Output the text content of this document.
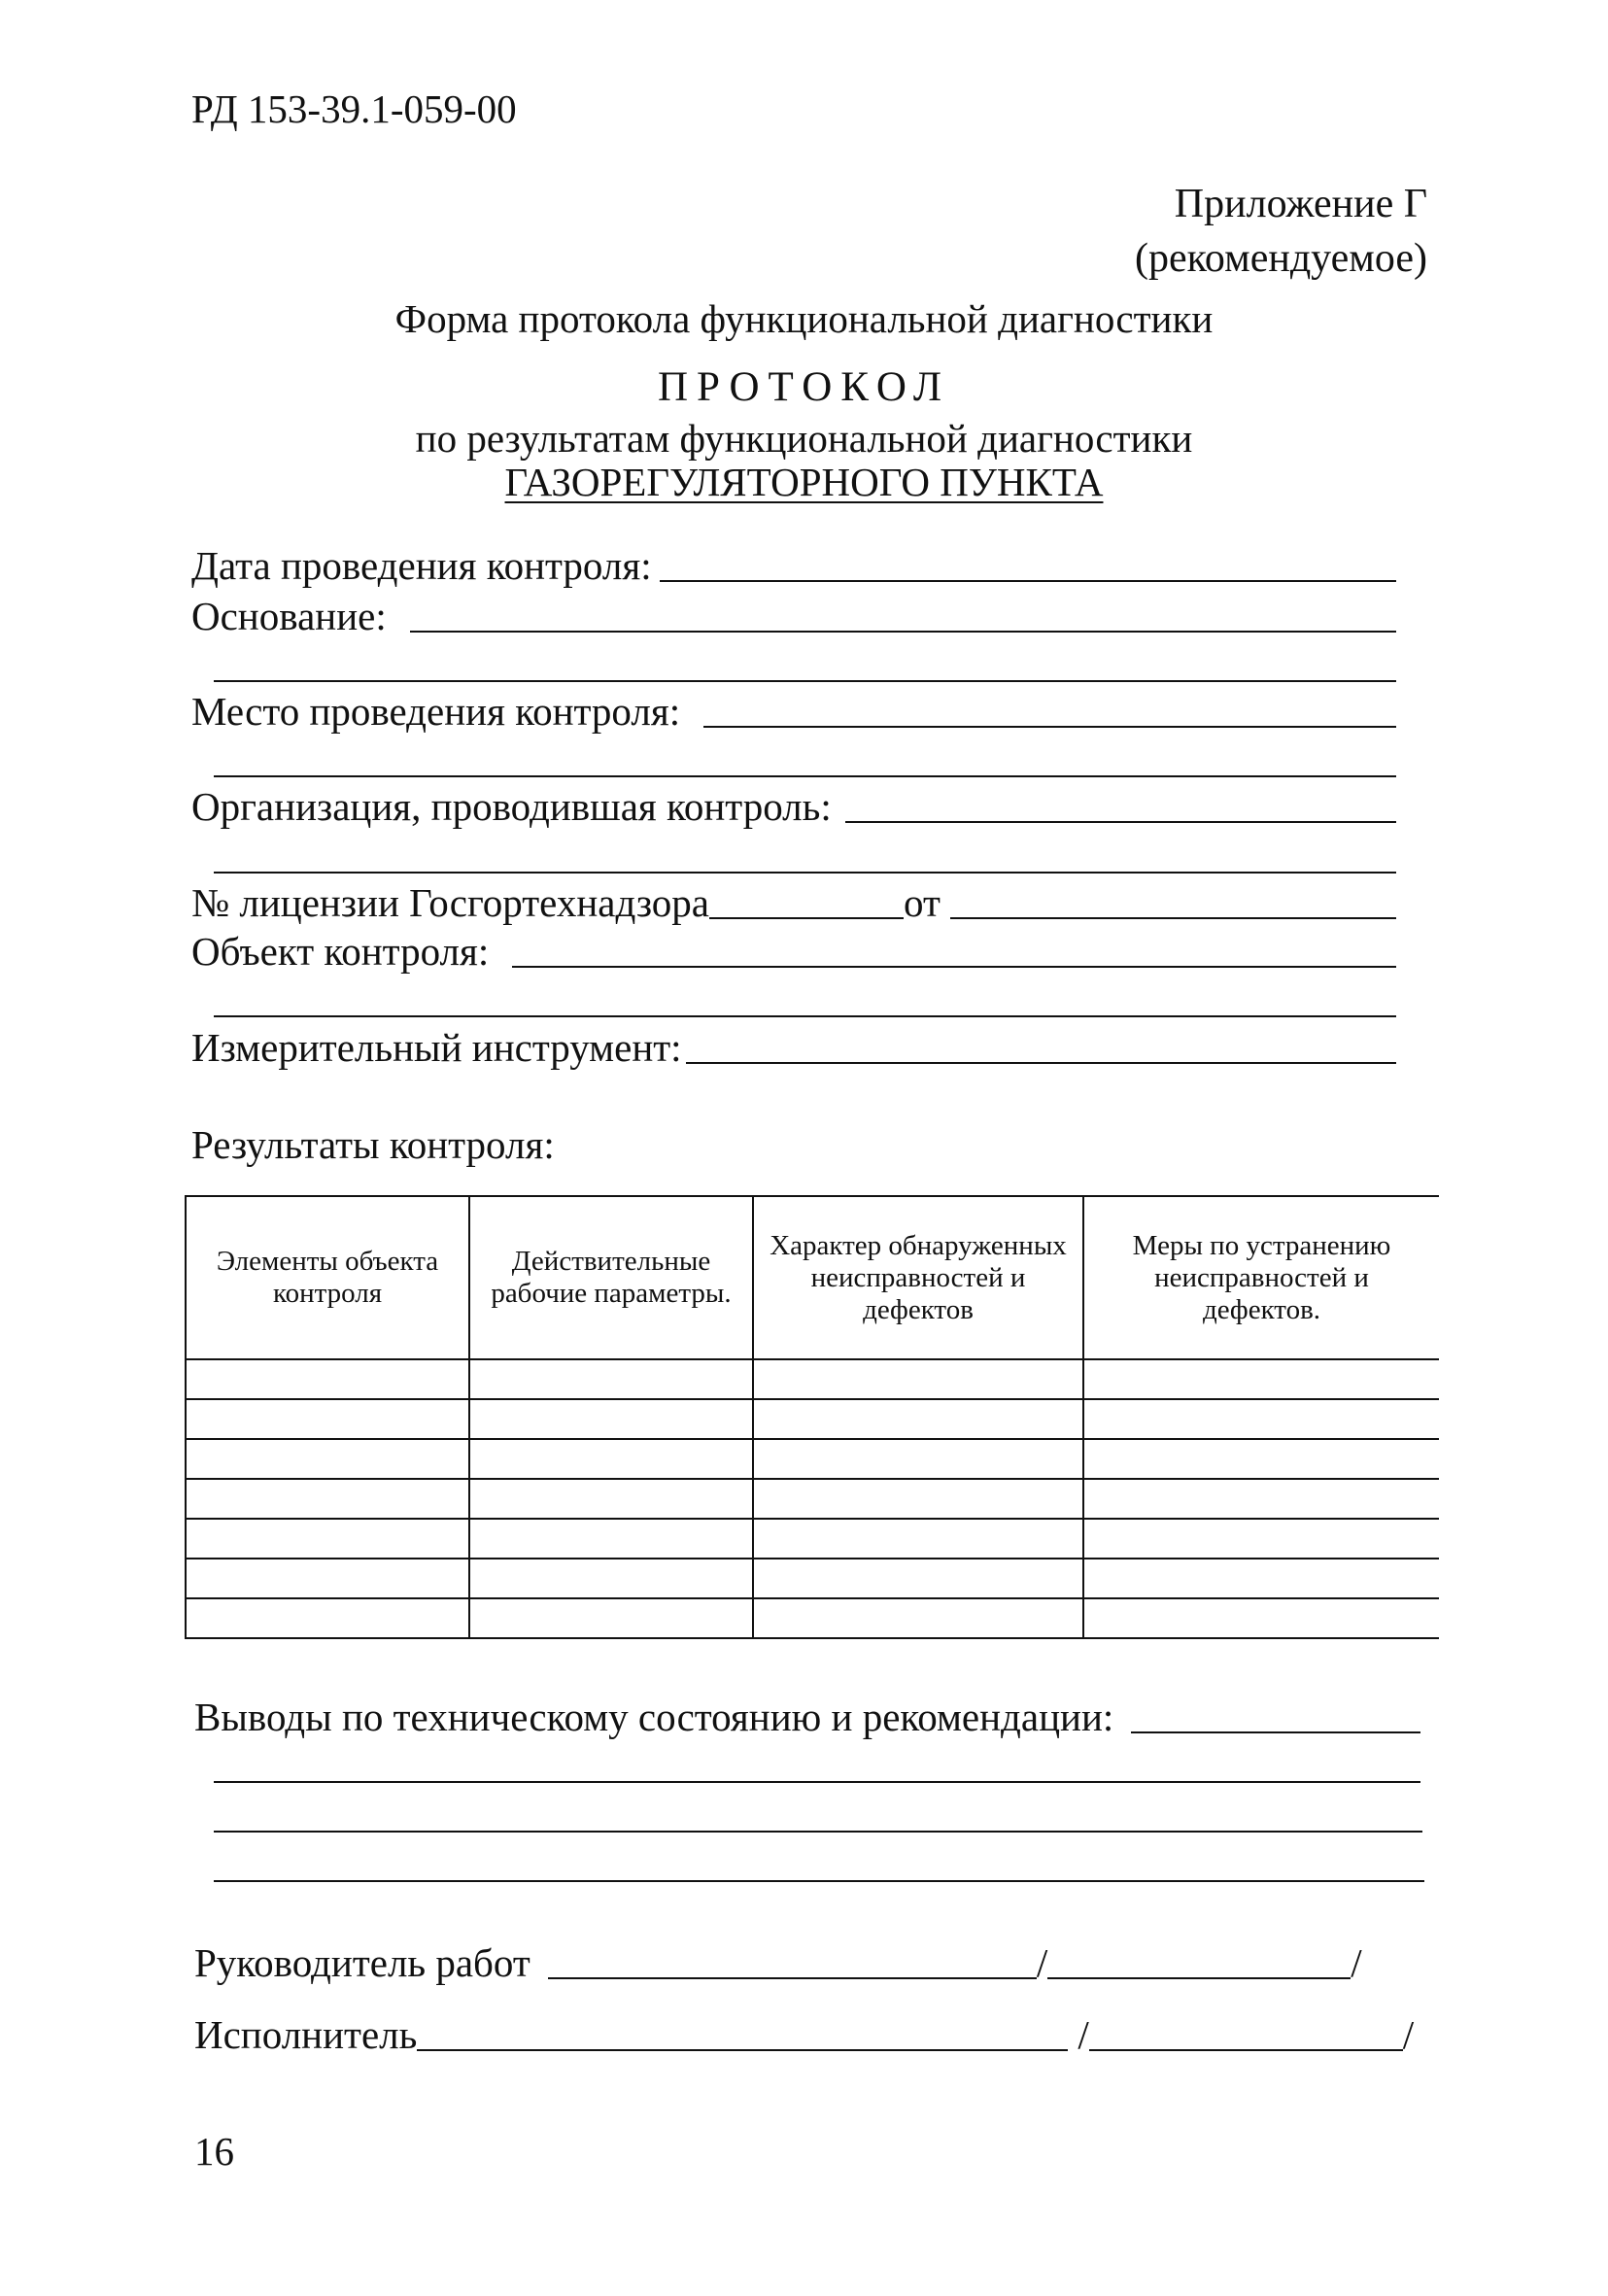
РД 153-39.1-059-00
Приложение Г
(рекомендуемое)
Форма протокола функциональной диагностики
ПРОТОКОЛ
по результатам функциональной диагностики
ГАЗОРЕГУЛЯТОРНОГО ПУНКТА
Дата проведения контроля:
Основание:
Место проведения контроля:
Организация, проводившая контроль:
№ лицензии Госгортехнадзора	от
Объект контроля:
Измерительный инструмент:
Результаты контроля:
Элементы объекта контроля	Действительные рабочие параметры.	Характер обнаруженных неисправностей и дефектов	Меры по устранению неисправностей и дефектов.

Выводы по техническому состоянию и рекомендации:
Руководитель работ	/	/
Исполнитель	/	/
16
